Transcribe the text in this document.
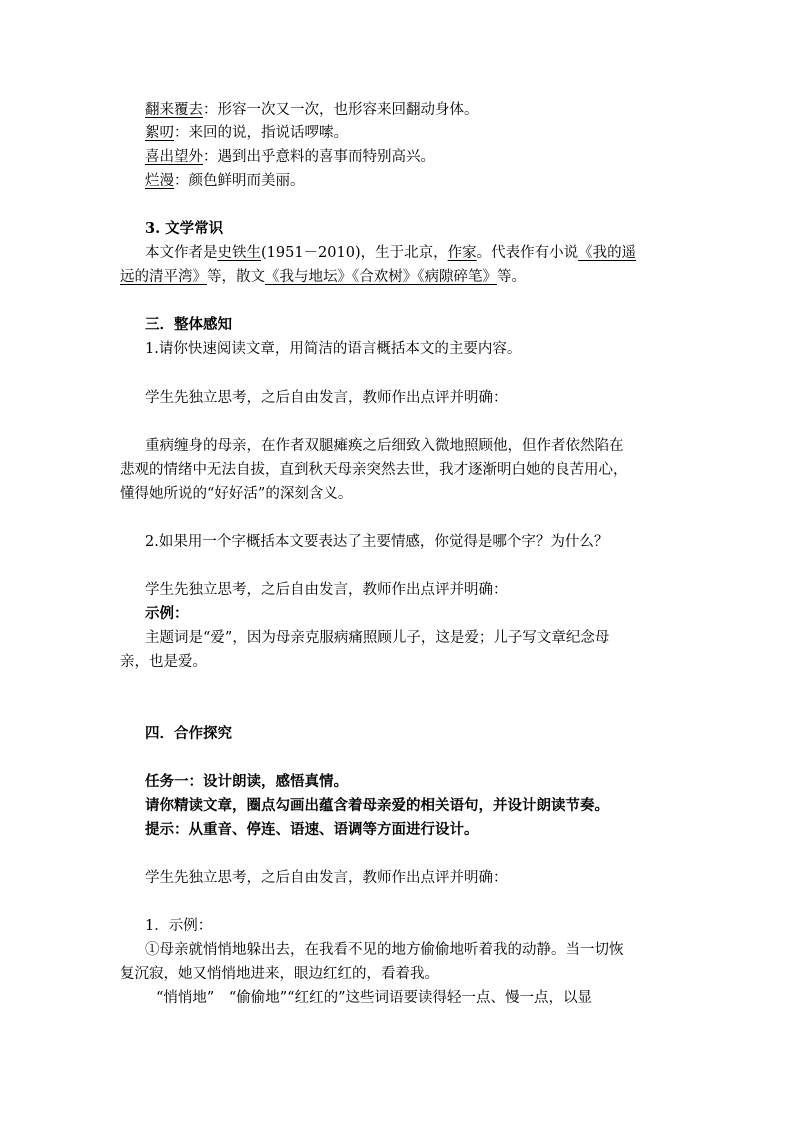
翻来覆去：形容一次又一次，也形容来回翻动身体。
絮叨：来回的说，指说话啰嗦。
喜出望外：遇到出乎意料的喜事而特别高兴。
烂漫：颜色鲜明而美丽。
3. 文学常识
本文作者是史铁生(1951－2010)，生于北京，作家。代表作有小说《我的遥
远的清平湾》等，散文《我与地坛》《合欢树》《病隙碎笔》等。
三．整体感知
1.请你快速阅读文章，用简洁的语言概括本文的主要内容。
学生先独立思考，之后自由发言，教师作出点评并明确：
重病缠身的母亲，在作者双腿瘫痪之后细致入微地照顾他，但作者依然陷在
悲观的情绪中无法自拔，直到秋天母亲突然去世，我才逐渐明白她的良苦用心，
懂得她所说的“好好活”的深刻含义。
2.如果用一个字概括本文要表达了主要情感，你觉得是哪个字？为什么？
学生先独立思考，之后自由发言，教师作出点评并明确：
示例：
主题词是“爱”，因为母亲克服病痛照顾儿子，这是爱；儿子写文章纪念母
亲，也是爱。
四．合作探究
任务一：设计朗读，感悟真情。
请你精读文章，圈点勾画出蕴含着母亲爱的相关语句，并设计朗读节奏。
提示：从重音、停连、语速、语调等方面进行设计。
学生先独立思考，之后自由发言，教师作出点评并明确：
1．示例：
①母亲就悄悄地躲出去，在我看不见的地方偷偷地听着我的动静。当一切恢
复沉寂，她又悄悄地进来，眼边红红的，看着我。
“悄悄地”　“偷偷地”“红红的”这些词语要读得轻一点、慢一点，以显
